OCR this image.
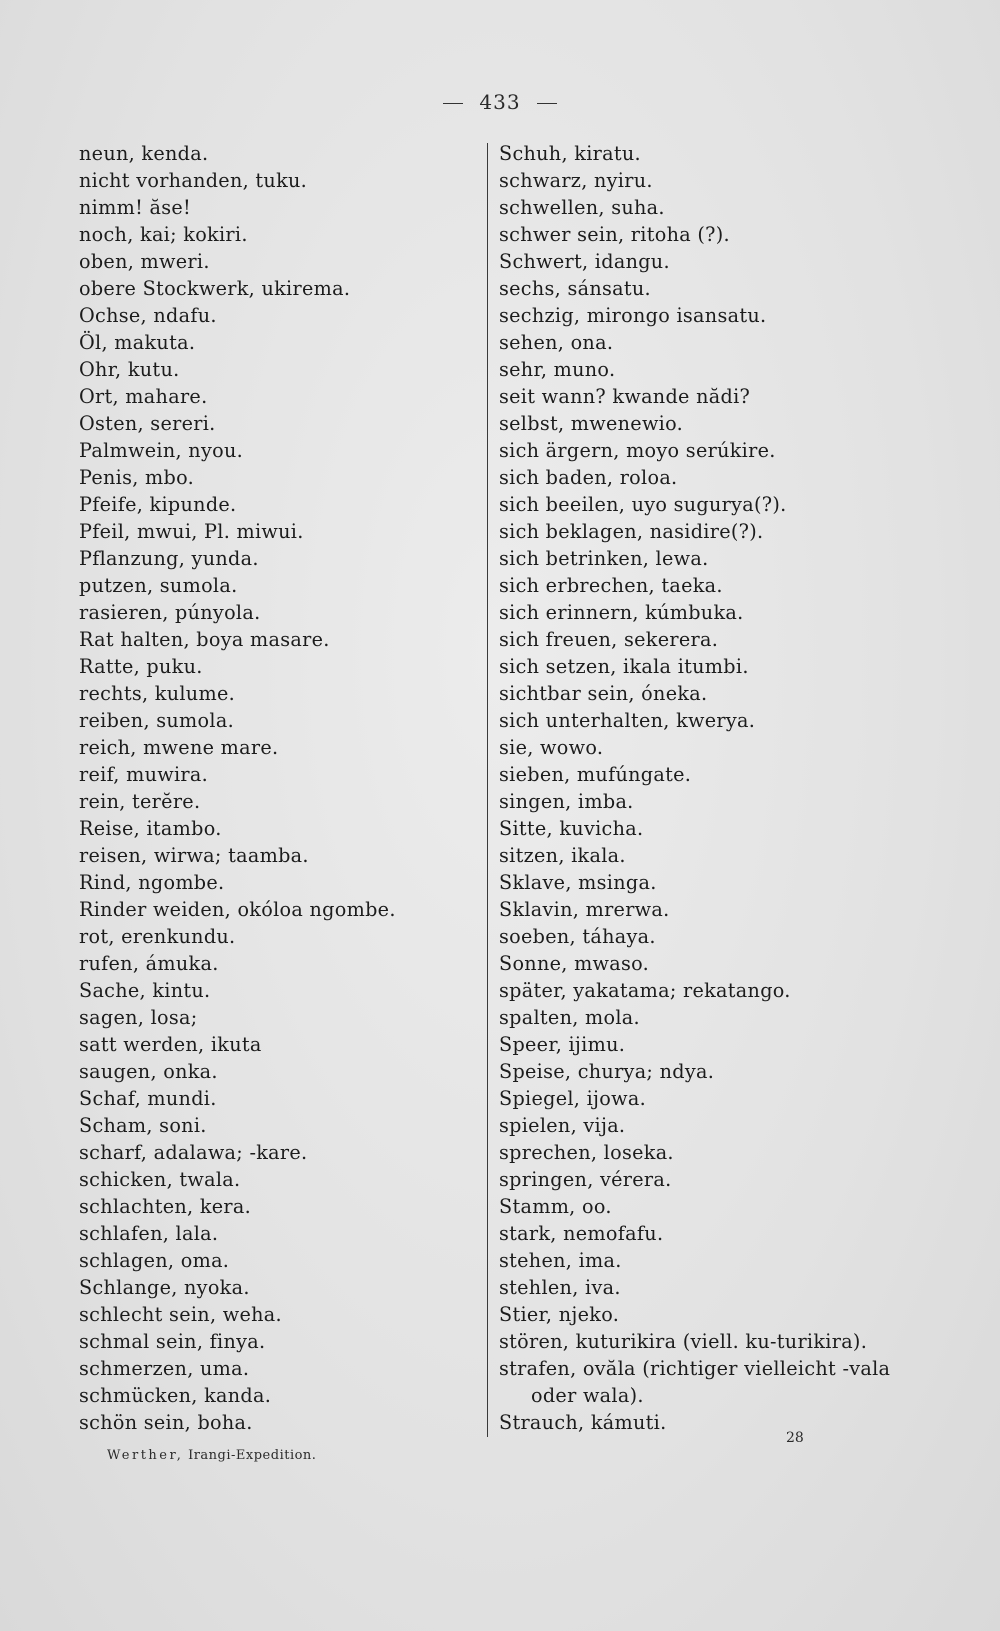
433
neun, kenda.
nicht vorhanden, tuku.
nimm! ăse!
noch, kai; kokiri.
oben, mweri.
obere Stockwerk, ukirema.
Ochse, ndafu.
Öl, makuta.
Ohr, kutu.
Ort, mahare.
Osten, sereri.
Palmwein, nyou.
Penis, mbo.
Pfeife, kipunde.
Pfeil, mwui, Pl. miwui.
Pflanzung, yunda.
putzen, sumola.
rasieren, púnyola.
Rat halten, boya masare.
Ratte, puku.
rechts, kulume.
reiben, sumola.
reich, mwene mare.
reif, muwira.
rein, terĕre.
Reise, itambo.
reisen, wirwa; taamba.
Rind, ngombe.
Rinder weiden, okóloa ngombe.
rot, erenkundu.
rufen, ámuka.
Sache, kintu.
sagen, losa;
satt werden, ikuta
saugen, onka.
Schaf, mundi.
Scham, soni.
scharf, adalawa; -kare.
schicken, twala.
schlachten, kera.
schlafen, lala.
schlagen, oma.
Schlange, nyoka.
schlecht sein, weha.
schmal sein, finya.
schmerzen, uma.
schmücken, kanda.
schön sein, boha.
Schuh, kiratu.
schwarz, nyiru.
schwellen, suha.
schwer sein, ritoha (?).
Schwert, idangu.
sechs, sánsatu.
sechzig, mirongo isansatu.
sehen, ona.
sehr, muno.
seit wann? kwande nădi?
selbst, mwenewio.
sich ärgern, moyo serúkire.
sich baden, roloa.
sich beeilen, uyo sugurya(?).
sich beklagen, nasidire(?).
sich betrinken, lewa.
sich erbrechen, taeka.
sich erinnern, kúmbuka.
sich freuen, sekerera.
sich setzen, ikala itumbi.
sichtbar sein, óneka.
sich unterhalten, kwerya.
sie, wowo.
sieben, mufúngate.
singen, imba.
Sitte, kuvicha.
sitzen, ikala.
Sklave, msinga.
Sklavin, mrerwa.
soeben, táhaya.
Sonne, mwaso.
später, yakatama; rekatango.
spalten, mola.
Speer, ijimu.
Speise, churya; ndya.
Spiegel, ijowa.
spielen, vija.
sprechen, loseka.
springen, vérera.
Stamm, oo.
stark, nemofafu.
stehen, ima.
stehlen, iva.
Stier, njeko.
stören, kuturikira (viell. ku-turikira).
strafen, ovăla (richtiger vielleicht -vala oder wala).
Strauch, kámuti.
Werther, Irangi-Expedition.
28
